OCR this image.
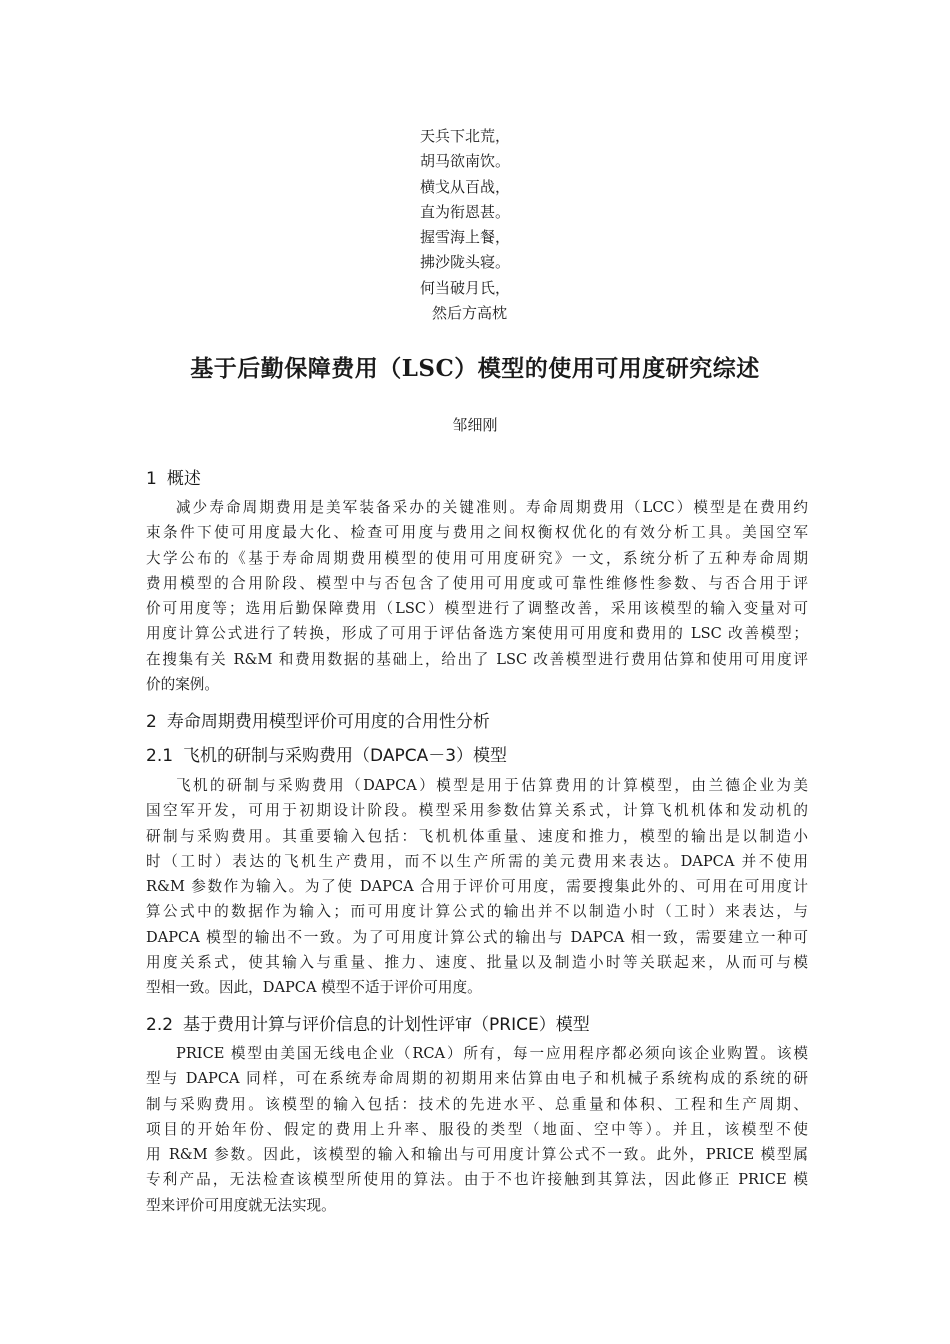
天兵下北荒，
胡马欲南饮。
横戈从百战，
直为衔恩甚。
握雪海上餐，
拂沙陇头寝。
何当破月氏，
然后方高枕
基于后勤保障费用（LSC）模型的使用可用度研究综述
邹细刚
1 概述
减少寿命周期费用是美军装备采办的关键准则。寿命周期费用（LCC）模型是在费用约
束条件下使可用度最大化、检查可用度与费用之间权衡权优化的有效分析工具。美国空军
大学公布的《基于寿命周期费用模型的使用可用度研究》一文，系统分析了五种寿命周期
费用模型的合用阶段、模型中与否包含了使用可用度或可靠性维修性参数、与否合用于评
价可用度等；选用后勤保障费用（LSC）模型进行了调整改善，采用该模型的输入变量对可
用度计算公式进行了转换，形成了可用于评估备选方案使用可用度和费用的 LSC 改善模型；
在搜集有关 R&M 和费用数据的基础上，给出了 LSC 改善模型进行费用估算和使用可用度评
价的案例。
2 寿命周期费用模型评价可用度的合用性分析
2.1 飞机的研制与采购费用（DAPCA－3）模型
飞机的研制与采购费用（DAPCA）模型是用于估算费用的计算模型，由兰德企业为美
国空军开发，可用于初期设计阶段。模型采用参数估算关系式，计算飞机机体和发动机的
研制与采购费用。其重要输入包括：飞机机体重量、速度和推力，模型的输出是以制造小
时（工时）表达的飞机生产费用，而不以生产所需的美元费用来表达。DAPCA 并不使用
R&M 参数作为输入。为了使 DAPCA 合用于评价可用度，需要搜集此外的、可用在可用度计
算公式中的数据作为输入；而可用度计算公式的输出并不以制造小时（工时）来表达，与
DAPCA 模型的输出不一致。为了可用度计算公式的输出与 DAPCA 相一致，需要建立一种可
用度关系式，使其输入与重量、推力、速度、批量以及制造小时等关联起来，从而可与模
型相一致。因此，DAPCA 模型不适于评价可用度。
2.2 基于费用计算与评价信息的计划性评审（PRICE）模型
PRICE 模型由美国无线电企业（RCA）所有，每一应用程序都必须向该企业购置。该模
型与 DAPCA 同样，可在系统寿命周期的初期用来估算由电子和机械子系统构成的系统的研
制与采购费用。该模型的输入包括：技术的先进水平、总重量和体积、工程和生产周期、
项目的开始年份、假定的费用上升率、服役的类型（地面、空中等）。并且，该模型不使
用 R&M 参数。因此，该模型的输入和输出与可用度计算公式不一致。此外，PRICE 模型属
专利产品，无法检查该模型所使用的算法。由于不也许接触到其算法，因此修正 PRICE 模
型来评价可用度就无法实现。
